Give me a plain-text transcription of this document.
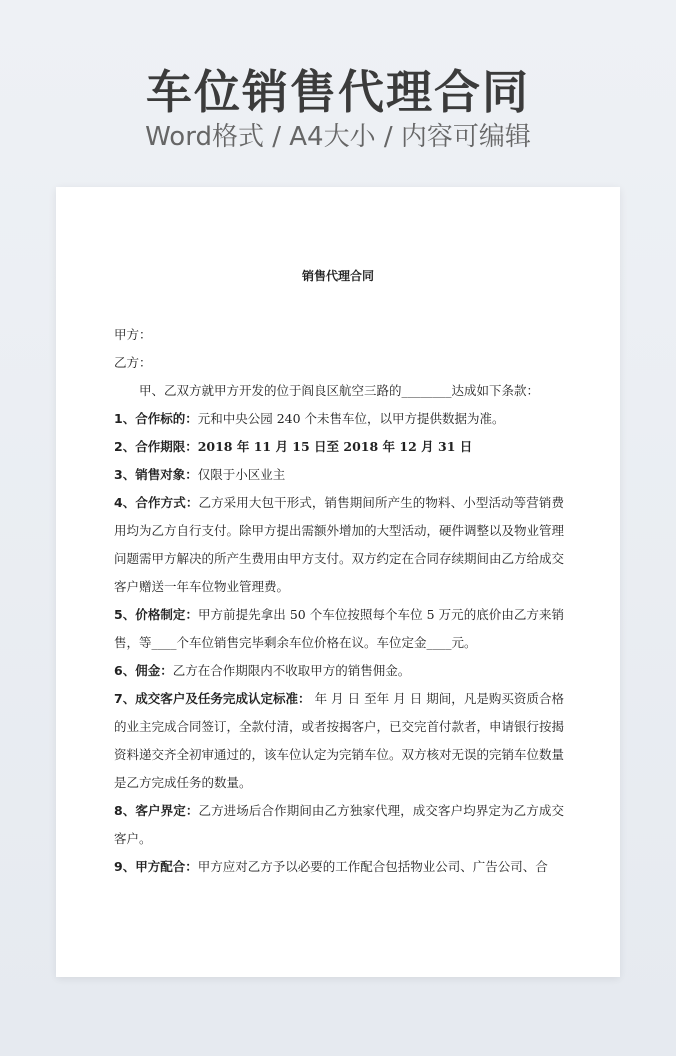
车位销售代理合同
Word格式 / A4大小 / 内容可编辑
销售代理合同

甲方：

乙方：

甲、乙双方就甲方开发的位于阎良区航空三路的________达成如下条款：

1、合作标的：元和中央公园 240 个未售车位，以甲方提供数据为准。

2、合作期限：2018 年 11 月 15 日至 2018 年 12 月 31 日

3、销售对象：仅限于小区业主

4、合作方式：乙方采用大包干形式，销售期间所产生的物料、小型活动等营销费用均为乙方自行支付。除甲方提出需额外增加的大型活动，硬件调整以及物业管理问题需甲方解决的所产生费用由甲方支付。双方约定在合同存续期间由乙方给成交客户赠送一年车位物业管理费。

5、价格制定：甲方前提先拿出 50 个车位按照每个车位 5 万元的底价由乙方来销售，等____个车位销售完毕剩余车位价格在议。车位定金____元。

6、佣金：乙方在合作期限内不收取甲方的销售佣金。

7、成交客户及任务完成认定标准： 年 月 日 至年 月 日 期间，凡是购买资质合格的业主完成合同签订，全款付清，或者按揭客户，已交完首付款者，申请银行按揭资料递交齐全初审通过的，该车位认定为完销车位。双方核对无误的完销车位数量是乙方完成任务的数量。

8、客户界定：乙方进场后合作期间由乙方独家代理，成交客户均界定为乙方成交客户。

9、甲方配合：甲方应对乙方予以必要的工作配合包括物业公司、广告公司、合
